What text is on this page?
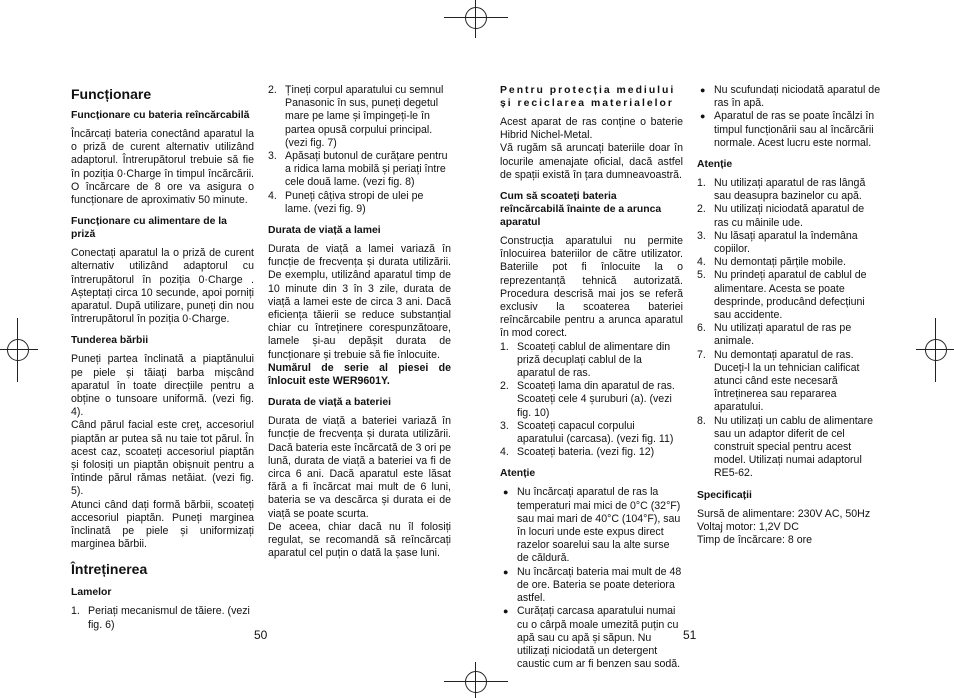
Funcționare
Funcționare cu bateria reîncărcabilă

Încărcați bateria conectând aparatul la o priză de curent alternativ utilizând adaptorul. Întrerupătorul trebuie să fie în poziția 0·Charge în timpul încărcării. O încărcare de 8 ore va asigura o funcționare de aproximativ 50 minute.

Funcționare cu alimentare de la priză

Conectați aparatul la o priză de curent alternativ utilizând adaptorul cu întrerupătorul în poziția 0·Charge . Așteptați circa 10 secunde, apoi porniți aparatul. După utilizare, puneți din nou întrerupătorul în poziția 0·Charge.

Tunderea bărbii

Puneți partea înclinată a piaptănului pe piele și tăiați barba mișcând aparatul în toate direcțiile pentru a obține o tunsoare uniformă. (vezi fig. 4).

Când părul facial este creț, accesoriul piaptăn ar putea să nu taie tot părul. În acest caz, scoateți accesoriul piaptăn și folosiți un piaptăn obișnuit pentru a întinde părul rămas netăiat. (vezi fig. 5).

Atunci când dați formă bărbii, scoateți accesoriul piaptăn. Puneți marginea înclinată pe piele și uniformizați marginea bărbii.

Întreținerea
Lamelor
1. Periați mecanismul de tăiere. (vezi fig. 6)
2. Țineți corpul aparatului cu semnul Panasonic în sus, puneți degetul mare pe lame și împingeți-le în partea opusă corpului principal. (vezi fig. 7)
3. Apăsați butonul de curățare pentru a ridica lama mobilă și periați între cele două lame. (vezi fig. 8)
4. Puneți câțiva stropi de ulei pe lame. (vezi fig. 9)
Durata de viață a lamei

Durata de viață a lamei variază în funcție de frecvența și durata utilizării. De exemplu, utilizând aparatul timp de 10 minute din 3 în 3 zile, durata de viață a lamei este de circa 3 ani. Dacă eficiența tăierii se reduce substanțial chiar cu întreținere corespunzătoare, lamele și-au depășit durata de funcționare și trebuie să fie înlocuite.

Numărul de serie al piesei de înlocuit este WER9601Y.

Durata de viață a bateriei

Durata de viață a bateriei variază în funcție de frecvența și durata utilizării. Dacă bateria este încărcată de 3 ori pe lună, durata de viață a bateriei va fi de circa 6 ani. Dacă aparatul este lăsat fără a fi încărcat mai mult de 6 luni, bateria se va descărca și durata ei de viață se poate scurta.

De aceea, chiar dacă nu îl folosiți regulat, se recomandă să reîncărcați aparatul cel puțin o dată la șase luni.

50
Pentru protecția mediului și reciclarea materialelor

Acest aparat de ras conține o baterie Hibrid Nichel-Metal.

Vă rugăm să aruncați bateriile doar în locurile amenajate oficial, dacă astfel de spații există în țara dumneavoastră.

Cum să scoateți bateria reîncărcabilă înainte de a arunca aparatul

Construcția aparatului nu permite înlocuirea bateriilor de către utilizator. Bateriile pot fi înlocuite la o reprezentanță tehnică autorizată. Procedura descrisă mai jos se referă exclusiv la scoaterea bateriei reîncărcabile pentru a arunca aparatul în mod corect.

1. Scoateți cablul de alimentare din priză decuplați cablul de la aparatul de ras.
2. Scoateți lama din aparatul de ras. Scoateți cele 4 șuruburi (a). (vezi fig. 10)
3. Scoateți capacul corpului aparatului (carcasa). (vezi fig. 11)
4. Scoateți bateria. (vezi fig. 12)
Atenție
● Nu încărcați aparatul de ras la temperaturi mai mici de 0°C (32°F) sau mai mari de 40°C (104°F), sau în locuri unde este expus direct razelor soarelui sau la alte surse de căldură.
● Nu încărcați bateria mai mult de 48 de ore. Bateria se poate deteriora astfel.
● Curățați carcasa aparatului numai cu o cârpă moale umezită puțin cu apă sau cu apă și săpun. Nu utilizați niciodată un detergent caustic cum ar fi benzen sau sodă.
● Nu scufundați niciodată aparatul de ras în apă.
● Aparatul de ras se poate încălzi în timpul funcționării sau al încărcării normale. Acest lucru este normal.
Atenție
1. Nu utilizați aparatul de ras lângă sau deasupra bazinelor cu apă.
2. Nu utilizați niciodată aparatul de ras cu mâinile ude.
3. Nu lăsați aparatul la îndemâna copiilor.
4. Nu demontați părțile mobile.
5. Nu prindeți aparatul de cablul de alimentare. Acesta se poate desprinde, producând defecțiuni sau accidente.
6. Nu utilizați aparatul de ras pe animale.
7. Nu demontați aparatul de ras. Duceți-l la un tehnician calificat atunci când este necesară întreținerea sau repararea aparatului.
8. Nu utilizați un cablu de alimentare sau un adaptor diferit de cel construit special pentru acest model. Utilizați numai adaptorul RE5-62.
Specificații

Sursă de alimentare: 230V AC, 50Hz

Voltaj motor: 1,2V DC

Timp de încărcare: 8 ore

51
